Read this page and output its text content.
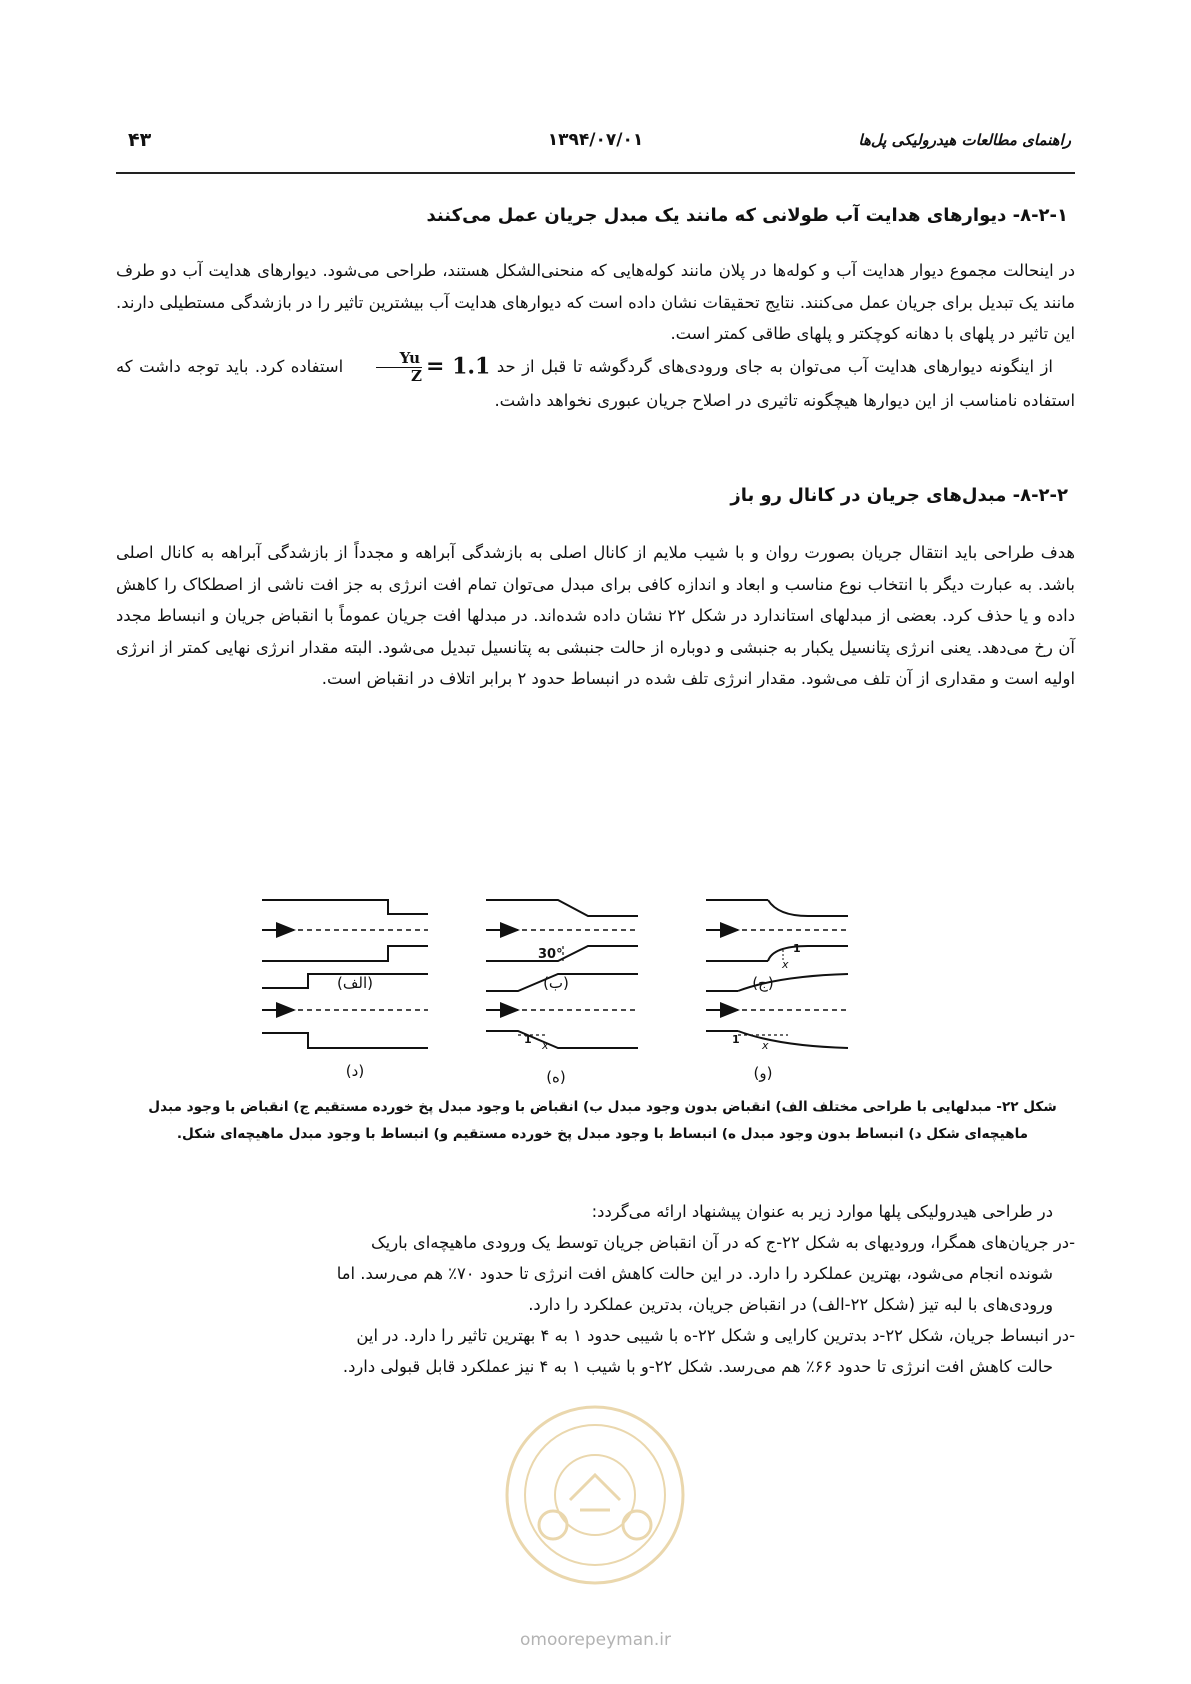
راهنمای مطالعات هیدرولیکی پل‌ها
۱۳۹۴/۰۷/۰۱
۴۳
۸-۲-۱- دیوارهای هدایت آب طولانی که مانند یک مبدل جریان عمل می‌کنند

در اینحالت مجموع دیوار هدایت آب و کوله‌ها در پلان مانند کوله‌هایی که منحنی‌الشکل هستند، طراحی می‌شود. دیوارهای هدایت آب دو طرف مانند یک تبدیل برای جریان عمل می‌کنند. نتایج تحقیقات نشان داده است که دیوارهای هدایت آب بیشترین تاثیر را در بازشدگی مستطیلی دارند. این تاثیر در پلهای با دهانه کوچکتر و پلهای طاقی کمتر است.

از اینگونه دیوارهای هدایت آب می‌توان به جای ورودی‌های گردگوشه تا قبل از حد
$\frac{Yu}{Z} = 1.1$ استفاده کرد. باید توجه داشت که استفاده نامناسب از این دیوارها هیچگونه تاثیری در اصلاح جریان عبوری نخواهد داشت.

۸-۲-۲- مبدل‌های جریان در کانال رو باز

هدف طراحی باید انتقال جریان بصورت روان و با شیب ملایم از کانال اصلی به بازشدگی آبراهه و مجدداً از بازشدگی آبراهه به کانال اصلی باشد. به عبارت دیگر با انتخاب نوع مناسب و ابعاد و اندازه کافی برای مبدل می‌توان تمام افت انرژی به جز افت ناشی از اصطکاک را کاهش داده و یا حذف کرد. بعضی از مبدلهای استاندارد در شکل ۲۲ نشان داده شده‌اند. در مبدلها افت جریان عموماً با انقباض جریان و انبساط مجدد آن رخ می‌دهد. یعنی انرژی پتانسیل یکبار به جنبشی و دوباره از حالت جنبشی به پتانسیل تبدیل می‌شود. البته مقدار انرژی نهایی کمتر از انرژی اولیه است و مقداری از آن تلف می‌شود. مقدار انرژی تلف شده در انبساط حدود ۲ برابر اتلاف در انقباض است.

30°	1
x
1 x	1 x
(الف)	(ب)	(ج)
(د)	(ه)	(و)
شکل ۲۲- مبدلهایی با طراحی مختلف الف) انقباض بدون وجود مبدل ب) انقباض با وجود مبدل پخ خورده مستقیم ج) انقباض با وجود مبدل
ماهیچه‌ای شکل د) انبساط بدون وجود مبدل ه) انبساط با وجود مبدل پخ خورده مستقیم و) انبساط با وجود مبدل ماهیچه‌ای شکل.

در طراحی هیدرولیکی پلها موارد زیر به عنوان پیشنهاد ارائه می‌گردد:

-در جریان‌های همگرا، ورودیهای به شکل ۲۲-ج که در آن انقباض جریان توسط یک ورودی ماهیچه‌ای باریک

شونده انجام می‌شود، بهترین عملکرد را دارد. در این حالت کاهش افت انرژی تا حدود ۷۰٪ هم می‌رسد. اما

ورودی‌های با لبه تیز (شکل ۲۲-الف) در انقباض جریان، بدترین عملکرد را دارد.

-در انبساط جریان، شکل ۲۲-د بدترین کارایی و شکل ۲۲-ه با شیبی حدود ۱ به ۴ بهترین تاثیر را دارد. در این

حالت کاهش افت انرژی تا حدود ۶۶٪ هم می‌رسد. شکل ۲۲-و با شیب ۱ به ۴ نیز عملکرد قابل قبولی دارد.

omoorepeyman.ir
